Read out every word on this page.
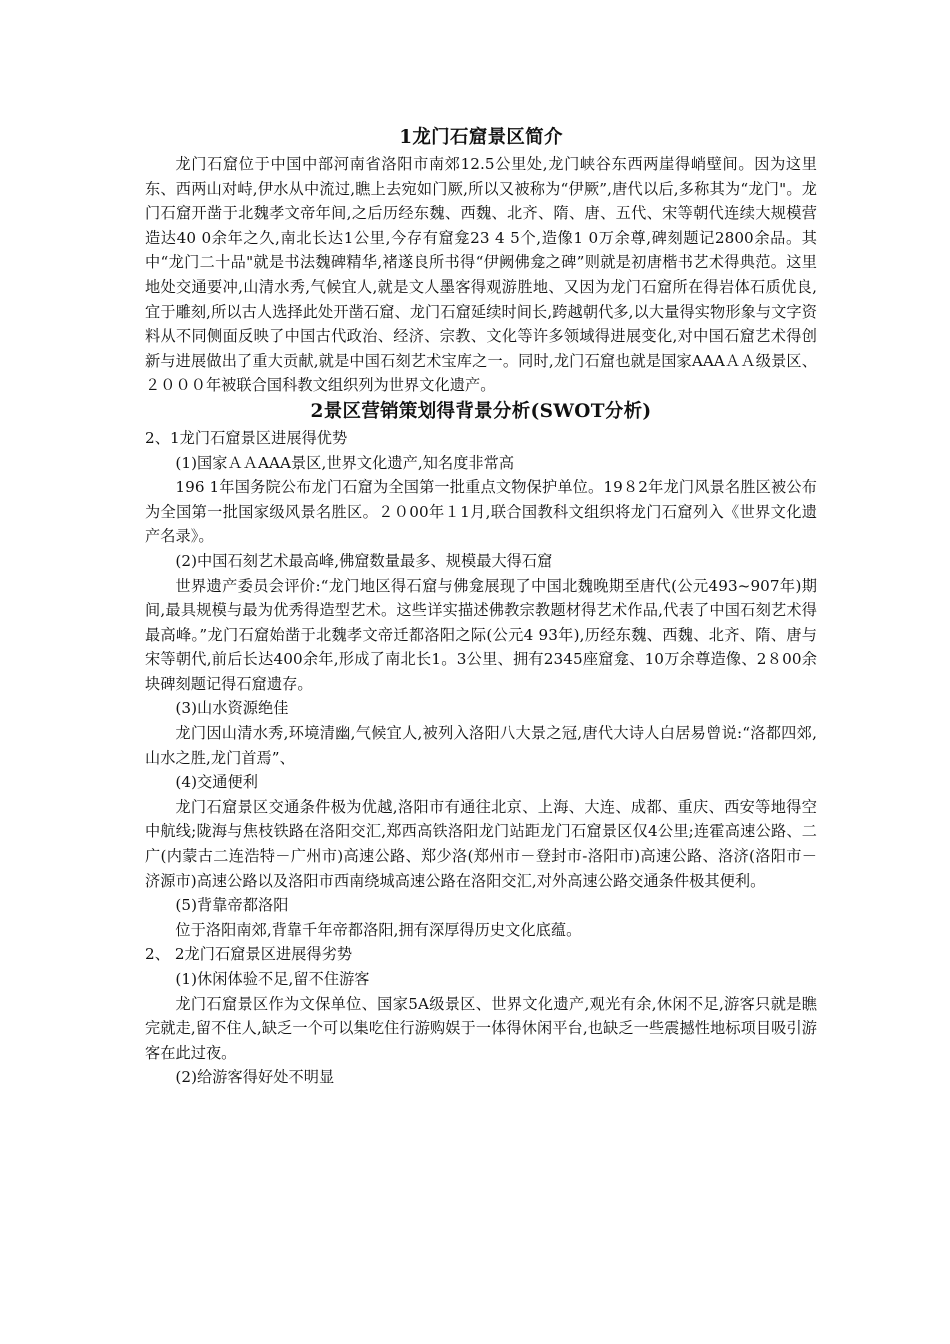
1龙门石窟景区简介

龙门石窟位于中国中部河南省洛阳市南郊12.5公里处,龙门峡谷东西两崖得峭壁间。因为这里东、西两山对峙,伊水从中流过,瞧上去宛如门厥,所以又被称为“伊厥”,唐代以后,多称其为“龙门"。龙门石窟开凿于北魏孝文帝年间,之后历经东魏、西魏、北齐、隋、唐、五代、宋等朝代连续大规模营造达40 0余年之久,南北长达1公里,今存有窟龛23 4 5个,造像1 0万余尊,碑刻题记2800余品。其中“龙门二十品"就是书法魏碑精华,褚遂良所书得“伊阙佛龛之碑”则就是初唐楷书艺术得典范。这里地处交通要冲,山清水秀,气候宜人,就是文人墨客得观游胜地、又因为龙门石窟所在得岩体石质优良,宜于雕刻,所以古人选择此处开凿石窟、龙门石窟延续时间长,跨越朝代多,以大量得实物形象与文字资料从不同侧面反映了中国古代政治、经济、宗教、文化等许多领域得进展变化,对中国石窟艺术得创新与进展做出了重大贡献,就是中国石刻艺术宝库之一。同时,龙门石窟也就是国家AAAＡＡ级景区、２０００年被联合国科教文组织列为世界文化遗产。

2景区营销策划得背景分析(SWOT分析)

2、1龙门石窟景区进展得优势

(1)国家ＡＡAAA景区,世界文化遗产,知名度非常高

196 1年国务院公布龙门石窟为全国第一批重点文物保护单位。19８2年龙门风景名胜区被公布为全国第一批国家级风景名胜区。２０00年１1月,联合国教科文组织将龙门石窟列入《世界文化遗产名录》。

(2)中国石刻艺术最高峰,佛窟数量最多、规模最大得石窟

世界遗产委员会评价:“龙门地区得石窟与佛龛展现了中国北魏晚期至唐代(公元493~907年)期间,最具规模与最为优秀得造型艺术。这些详实描述佛教宗教题材得艺术作品,代表了中国石刻艺术得最高峰。”龙门石窟始凿于北魏孝文帝迁都洛阳之际(公元4 93年),历经东魏、西魏、北齐、隋、唐与宋等朝代,前后长达400余年,形成了南北长1。3公里、拥有2345座窟龛、10万余尊造像、2８00余块碑刻题记得石窟遗存。

(3)山水资源绝佳

龙门因山清水秀,环境清幽,气候宜人,被列入洛阳八大景之冠,唐代大诗人白居易曾说:“洛都四郊,山水之胜,龙门首焉”、

(4)交通便利

龙门石窟景区交通条件极为优越,洛阳市有通往北京、上海、大连、成都、重庆、西安等地得空中航线;陇海与焦枝铁路在洛阳交汇,郑西高铁洛阳龙门站距龙门石窟景区仅4公里;连霍高速公路、二广(内蒙古二连浩特－广州市)高速公路、郑少洛(郑州市－登封市-洛阳市)高速公路、洛济(洛阳市－济源市)高速公路以及洛阳市西南绕城高速公路在洛阳交汇,对外高速公路交通条件极其便利。

(5)背靠帝都洛阳

位于洛阳南郊,背靠千年帝都洛阳,拥有深厚得历史文化底蕴。

2、 2龙门石窟景区进展得劣势

(1)休闲体验不足,留不住游客

龙门石窟景区作为文保单位、国家5A级景区、世界文化遗产,观光有余,休闲不足,游客只就是瞧完就走,留不住人,缺乏一个可以集吃住行游购娱于一体得休闲平台,也缺乏一些震撼性地标项目吸引游客在此过夜。

(2)给游客得好处不明显
